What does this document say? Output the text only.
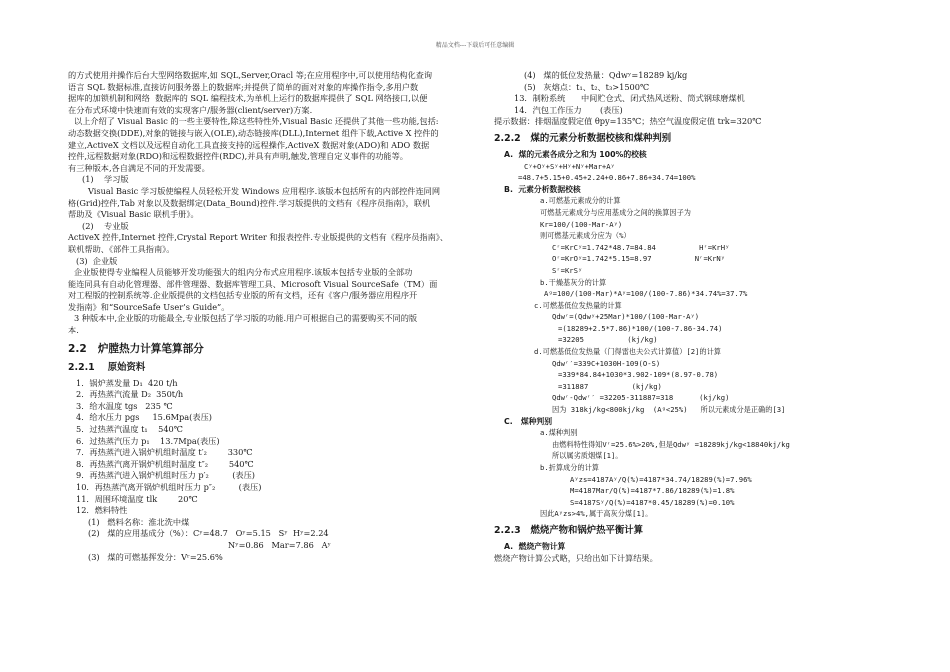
精品文档---下载后可任意编辑
的方式使用并操作后台大型网络数据库,如 SQL,Server,Oracl 等;在应用程序中,可以使用结构化查询
语言 SQL 数据标准,直接访问服务器上的数据库;并提供了简单的面对对象的库操作指令,多用户数
据库的加锁机制和网络  数据库的 SQL 编程技术,为单机上运行的数据库提供了 SQL 网络接口,以便
在分布式环境中快速而有效的实现客户/服务器(client/server)方案.
以上介绍了 Visual Basic 的一些主要特性,除这些特性外,Visual Basic 还提供了其他一些功能,包括:
动态数据交换(DDE),对象的链接与嵌入(OLE),动态链接库(DLL),Internet 组件下载,Active X 控件的
建立,ActiveX 文档以及远程自动化工具直接支持的远程操作,ActiveX 数据对象(ADO)和 ADO 数据
控件,远程数据对象(RDO)和远程数据控件(RDC),并具有声明,触发,管理自定义事件的功能等。
有三种版本,各自满足不同的开发需要。
(1)    学习版
Visual Basic 学习版使编程人员轻松开发 Windows 应用程序.该版本包括所有的内部控件连同网
格(Grid)控件,Tab 对象以及数据绑定(Data_Bound)控件.学习版提供的文档有《程序员指南》，联机
帮助及《Visual Basic 联机手册》。
(2)    专业版
ActiveX 控件,Internet 控件,Crystal Report Writer 和报表控件.专业版提供的文档有《程序员指南》、
联机帮助、《部件工具指南》。
(3)  企业版
企业版使得专业编程人员能够开发功能强大的组内分布式应用程序.该版本包括专业版的全部功
能连同具有自动化管理器、部件管理器、数据库管理工具、Microsoft Visual SourceSafe（TM）面
对工程版的控制系统等.企业版提供的文档包括专业版的所有文档，还有《客户/服务器应用程序开
发指南》和“SourceSafe User’s Guide”。
3 种版本中,企业版的功能最全,专业版包括了学习版的功能.用户可根据自己的需要购买不同的版
本.
2.2   炉膛热力计算笔算部分
2.2.1    原始资料
1．锅炉蒸发量 D₁  420 t/h
2．再热蒸汽流量 D₂  350t/h
3．给水温度 tgs   235 ℃
4．给水压力 pgs     15.6Mpa(表压)
5．过热蒸汽温度 t₁    540℃
6．过热蒸汽压力 p₁    13.7Mpa(表压)
7．再热蒸汽进入锅炉机组时温度 t′₂        330℃
8．再热蒸汽离开锅炉机组时温度 t″₂        540℃
9．再热蒸汽进入锅炉机组时压力 p′₂         (表压)
10．再热蒸汽离开锅炉机组时压力 p″₂         (表压)
11．周围环境温度 tlk        20℃
12．燃料特性
(1)   燃料名称：淮北洗中煤
(2)   煤的应用基成分（%）：Cʸ=48.7   Oʸ=5.15   Sʸ  Hʸ=2.24
Nʸ=0.86   Mar=7.86   Aʸ
(3)   煤的可燃基挥发分：Vʳ=25.6%
(4)   煤的低位发热量：Qdwʸ=18289 kj/kg
(5)   灰熔点：t₁、t₂、t₃>1500℃
13．制粉系统      中间贮仓式、闭式热风送粉、筒式钢球磨煤机
14．汽包工作压力       (表压)
提示数据：排烟温度假定值 θpy=135℃；热空气温度假定值 trk=320℃
2.2.2   煤的元素分析数据校核和煤种判别
A.  煤的元素各成分之和为 100%的校核
Cʸ+Oʸ+Sʸ+Hʸ+Nʸ+Mar+Aʸ
=48.7+5.15+0.45+2.24+0.86+7.86+34.74=100%
B.  元素分析数据校核
a.可燃基元素成分的计算
可燃基元素成分与应用基成分之间的换算因子为
Kr=100/(100-Mar-Aʸ)
则可燃基元素成分应为（%）
Cʳ=KrCʸ=1.742*48.7=84.84          Hʳ=KrHʸ
Oʳ=KrOʸ=1.742*5.15=8.97          Nʳ=KrNʸ
Sʳ=KrSʸ
b.干燥基灰分的计算
Aᵍ=100/(100-Mar)*Aʸ=100/(100-7.86)*34.74%=37.7%
c.可燃基低位发热量的计算
Qdwʳ=(Qdwʸ+25Mar)*100/(100-Mar-Aʸ)
=(18289+2.5*7.86)*100/(100-7.86-34.74)
=32205          (kj/kg)
d.可燃基低位发热量（门得雷也夫公式计算值）[2]的计算
Qdwʳ′=339C+1030H-109(O-S)
=339*84.84+1030*3.902-109*(8.97-0.78)
=311887          (kj/kg)
Qdwʳ-Qdwʳ′ =32205-311887=318      (kj/kg)
因为 318kj/kg<800kj/kg  (Aᵍ<25%)   所以元素成分是正确的[3]
C.   煤种判别
a.煤种判别
由燃料特性得知Vʳ=25.6%>20%,但是Qdwʸ =18289kj/kg<18840kj/kg
所以属劣质烟煤[1]。
b.折算成分的计算
Aʸzs=4187Aʸ/Q(%)=4187*34.74/18289(%)=7.96%
M=4187Mar/Q(%)=4187*7.86/18289(%)=1.8%
S=4187Sʸ/Q(%)=4187*0.45/18289(%)=0.10%
因此Aʸzs>4%,属于高灰分煤[1]。
2.2.3   燃烧产物和锅炉热平衡计算
A.  燃烧产物计算
燃烧产物计算公式略，只给出如下计算结果。
